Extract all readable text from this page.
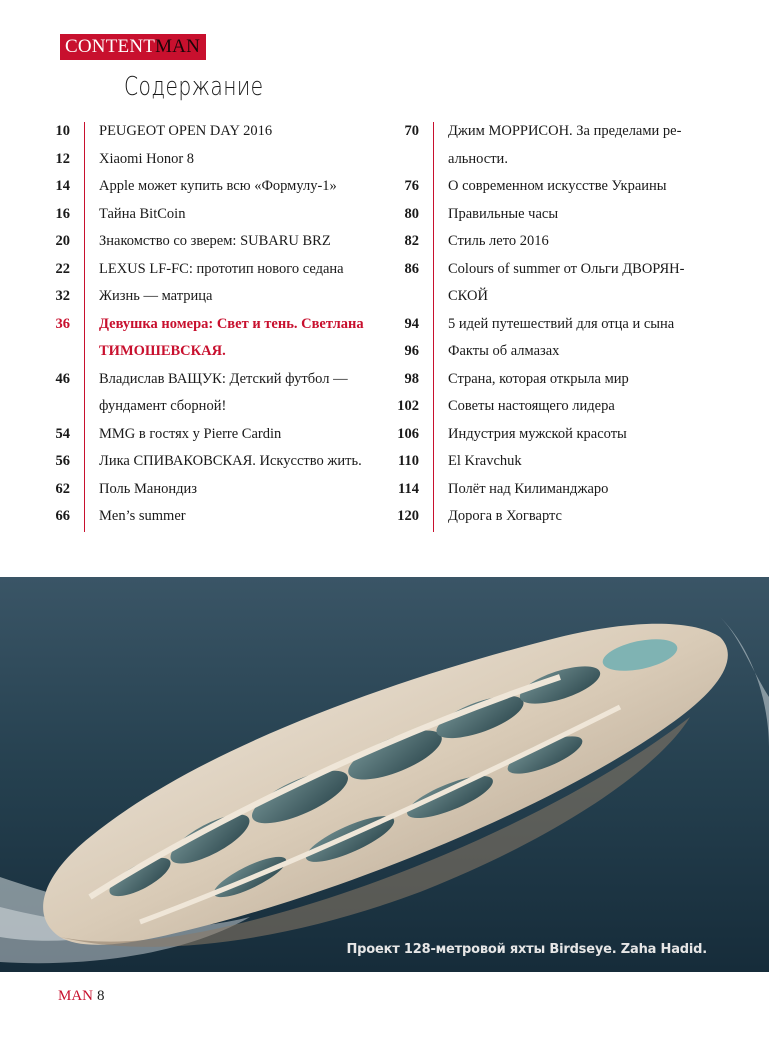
CONTENT MAN
Содержание
10 PEUGEOT OPEN DAY 2016
12 Xiaomi Honor 8
14 Apple может купить всю «Формулу-1»
16 Тайна BitCoin
20 Знакомство со зверем: SUBARU BRZ
22 LEXUS LF-FC: прототип нового седана
32 Жизнь — матрица
36 Девушка номера: Свет и тень. Светлана
ТИМОШЕВСКАЯ.
46 Владислав ВАЩУК: Детский футбол —
фундамент сборной!
54 MMG в гостях у Pierre Cardin
56 Лика СПИВАКОВСКАЯ. Искусство жить.
62 Поль Манондиз
66 Men’s summer
70 Джим МОРРИСОН. За пределами ре-
альности.
76 О современном искусстве Украины
80 Правильные часы
82 Стиль лето 2016
86 Colours of summer от Ольги ДВОРЯН-
СКОЙ
94 5 идей путешествий для отца и сына
96 Факты об алмазах
98 Страна, которая открыла мир
102 Советы настоящего лидера
106 Индустрия мужской красоты
110 El Kravchuk
114 Полёт над Килиманджаро
120 Дорога в Хогвартс
Проект 128-метровой яхты Birdseye. Zaha Hadid.
MAN 8
